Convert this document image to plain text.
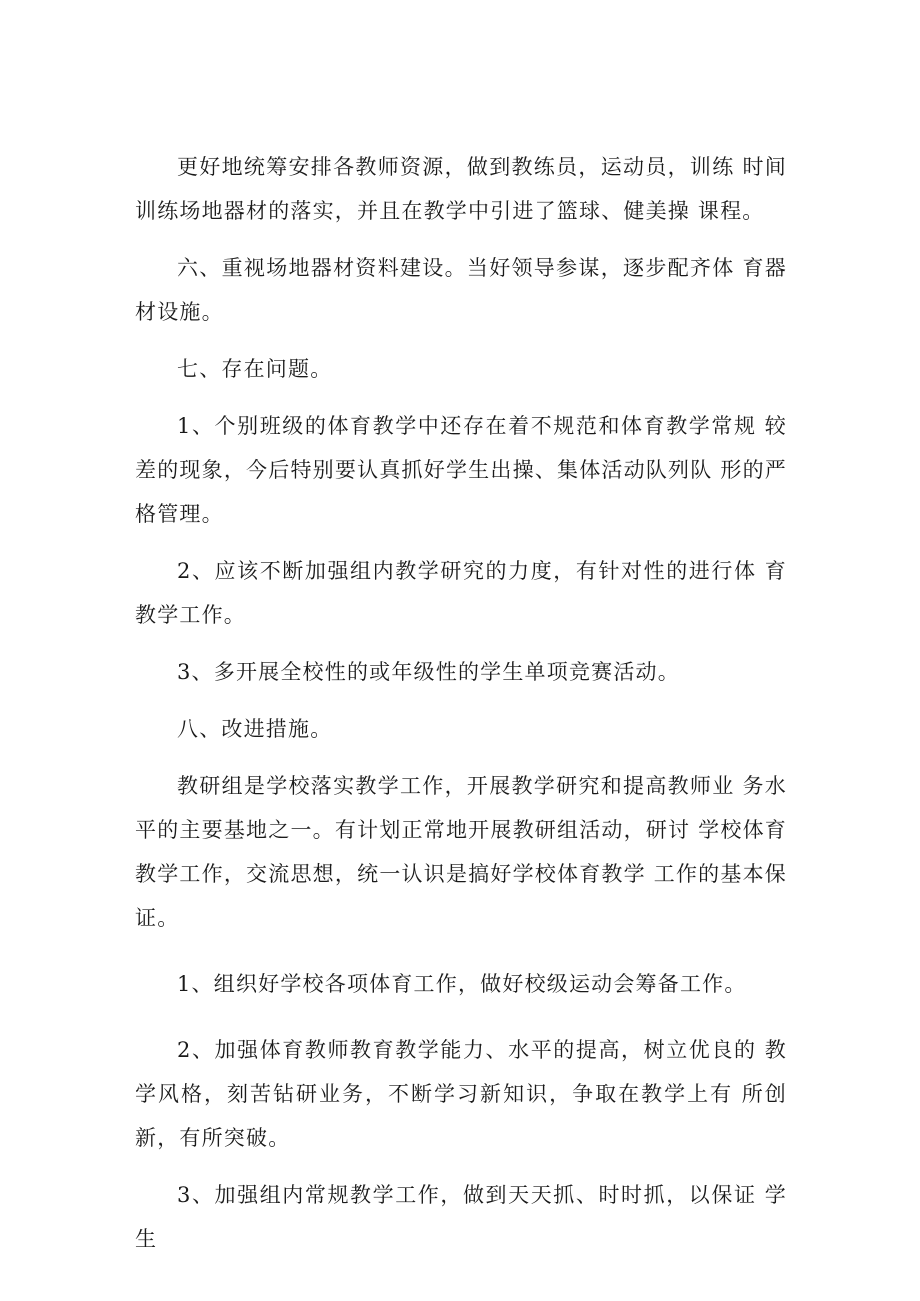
更好地统筹安排各教师资源，做到教练员，运动员，训练 时间训练场地器材的落实，并且在教学中引进了篮球、健美操 课程。

六、重视场地器材资料建设。当好领导参谋，逐步配齐体 育器材设施。

七、存在问题。

1、个别班级的体育教学中还存在着不规范和体育教学常规 较差的现象，今后特别要认真抓好学生出操、集体活动队列队 形的严格管理。

2、应该不断加强组内教学研究的力度，有针对性的进行体 育教学工作。

3、多开展全校性的或年级性的学生单项竞赛活动。

八、改进措施。

教研组是学校落实教学工作，开展教学研究和提高教师业 务水平的主要基地之一。有计划正常地开展教研组活动，研讨 学校体育教学工作，交流思想，统一认识是搞好学校体育教学 工作的基本保证。

1、组织好学校各项体育工作，做好校级运动会筹备工作。

2、加强体育教师教育教学能力、水平的提高，树立优良的 教学风格，刻苦钻研业务，不断学习新知识，争取在教学上有 所创新，有所突破。

3、加强组内常规教学工作，做到天天抓、时时抓，以保证 学生
